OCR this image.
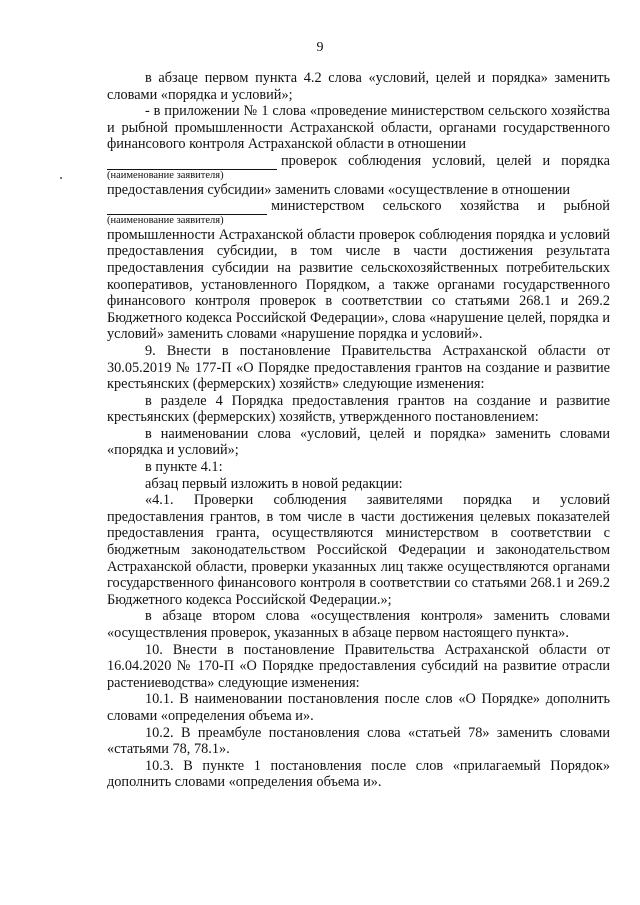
9

в абзаце первом пункта 4.2 слова «условий, целей и порядка» заменить словами «порядка и условий»;

- в приложении № 1 слова «проведение министерством сельского хозяйства и рыбной промышленности Астраханской области, органами государственного финансового контроля Астраханской области в отношении

проверок соблюдения условий, целей и порядка
(наименование заявителя)

предоставления субсидии» заменить словами «осуществление в отношении

министерством сельского хозяйства и рыбной
(наименование заявителя)

промышленности Астраханской области проверок соблюдения порядка и условий предоставления субсидии, в том числе в части достижения результата предоставления субсидии на развитие сельскохозяйственных потребительских кооперативов, установленного Порядком, а также органами государственного финансового контроля проверок в соответствии со статьями 268.1 и 269.2 Бюджетного кодекса Российской Федерации», слова «нарушение целей, порядка и условий» заменить словами «нарушение порядка и условий».

9. Внести в постановление Правительства Астраханской области от 30.05.2019 № 177-П «О Порядке предоставления грантов на создание и развитие крестьянских (фермерских) хозяйств» следующие изменения:

в разделе 4 Порядка предоставления грантов на создание и развитие крестьянских (фермерских) хозяйств, утвержденного постановлением:

в наименовании слова «условий, целей и порядка» заменить словами «порядка и условий»;

в пункте 4.1:

абзац первый изложить в новой редакции:

«4.1. Проверки соблюдения заявителями порядка и условий предоставления грантов, в том числе в части достижения целевых показателей предоставления гранта, осуществляются министерством в соответствии с бюджетным законодательством Российской Федерации и законодательством Астраханской области, проверки указанных лиц также осуществляются органами государственного финансового контроля в соответствии со статьями 268.1 и 269.2 Бюджетного кодекса Российской Федерации.»;

в абзаце втором слова «осуществления контроля» заменить словами «осуществления проверок, указанных в абзаце первом настоящего пункта».

10. Внести в постановление Правительства Астраханской области от 16.04.2020 № 170-П «О Порядке предоставления субсидий на развитие отрасли растениеводства» следующие изменения:

10.1. В наименовании постановления после слов «О Порядке» дополнить словами «определения объема и».

10.2. В преамбуле постановления слова «статьей 78» заменить словами «статьями 78, 78.1».

10.3. В пункте 1 постановления после слов «прилагаемый Порядок» дополнить словами «определения объема и».
